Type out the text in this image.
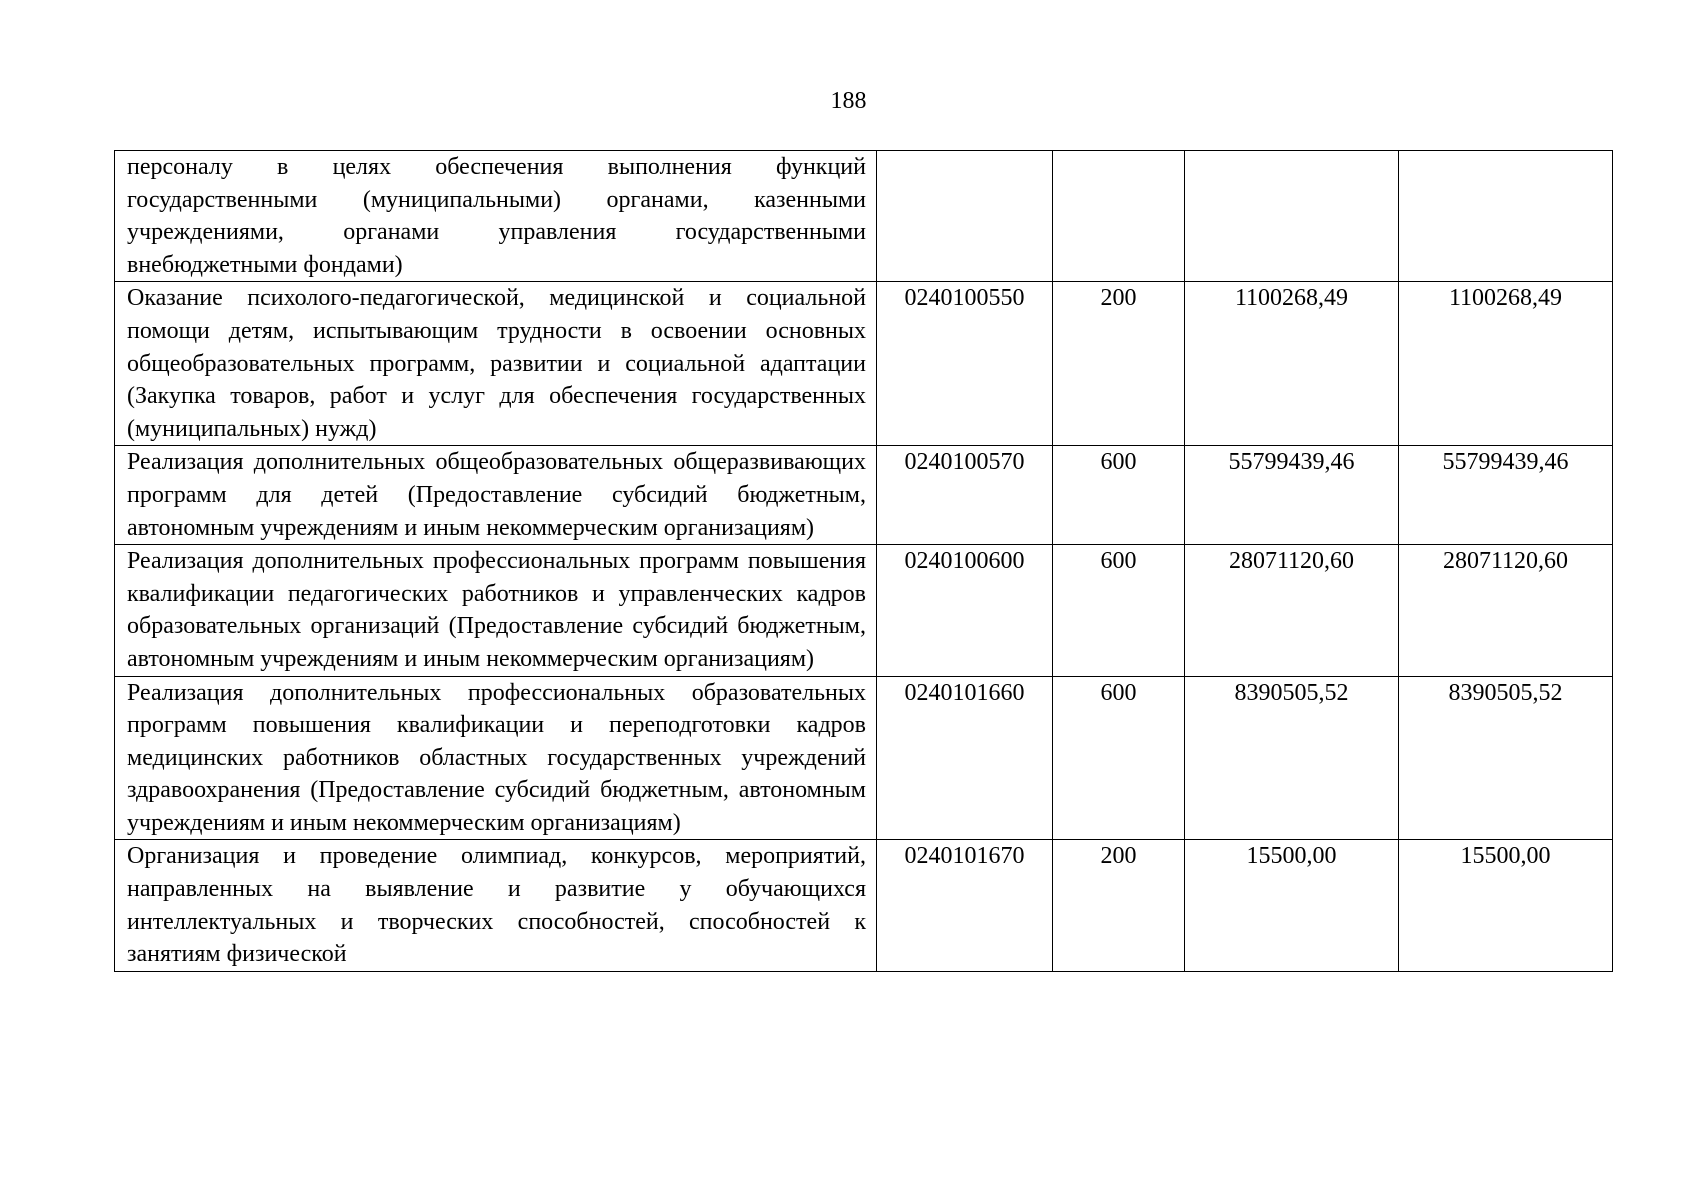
188
персоналу в целях обеспечения выполнения функций государственными (муниципальными) органами, казенными учреждениями, органами управления государственными внебюджетными фондами)				
Оказание психолого-педагогической, медицинской и социальной помощи детям, испытывающим трудности в освоении основных общеобразовательных программ, развитии и социальной адаптации (Закупка товаров, работ и услуг для обеспечения государственных (муниципальных) нужд)	0240100550	200	1100268,49	1100268,49
Реализация дополнительных общеобразовательных общеразвивающих программ для детей (Предоставление субсидий бюджетным, автономным учреждениям и иным некоммерческим организациям)	0240100570	600	55799439,46	55799439,46
Реализация дополнительных профессиональных программ повышения квалификации педагогических работников и управленческих кадров образовательных организаций (Предоставление субсидий бюджетным, автономным учреждениям и иным некоммерческим организациям)	0240100600	600	28071120,60	28071120,60
Реализация дополнительных профессиональных образовательных программ повышения квалификации и переподготовки кадров медицинских работников областных государственных учреждений здравоохранения (Предоставление субсидий бюджетным, автономным учреждениям и иным некоммерческим организациям)	0240101660	600	8390505,52	8390505,52
Организация и проведение олимпиад, конкурсов, мероприятий, направленных на выявление и развитие у обучающихся интеллектуальных и творческих способностей, способностей к занятиям физической	0240101670	200	15500,00	15500,00
